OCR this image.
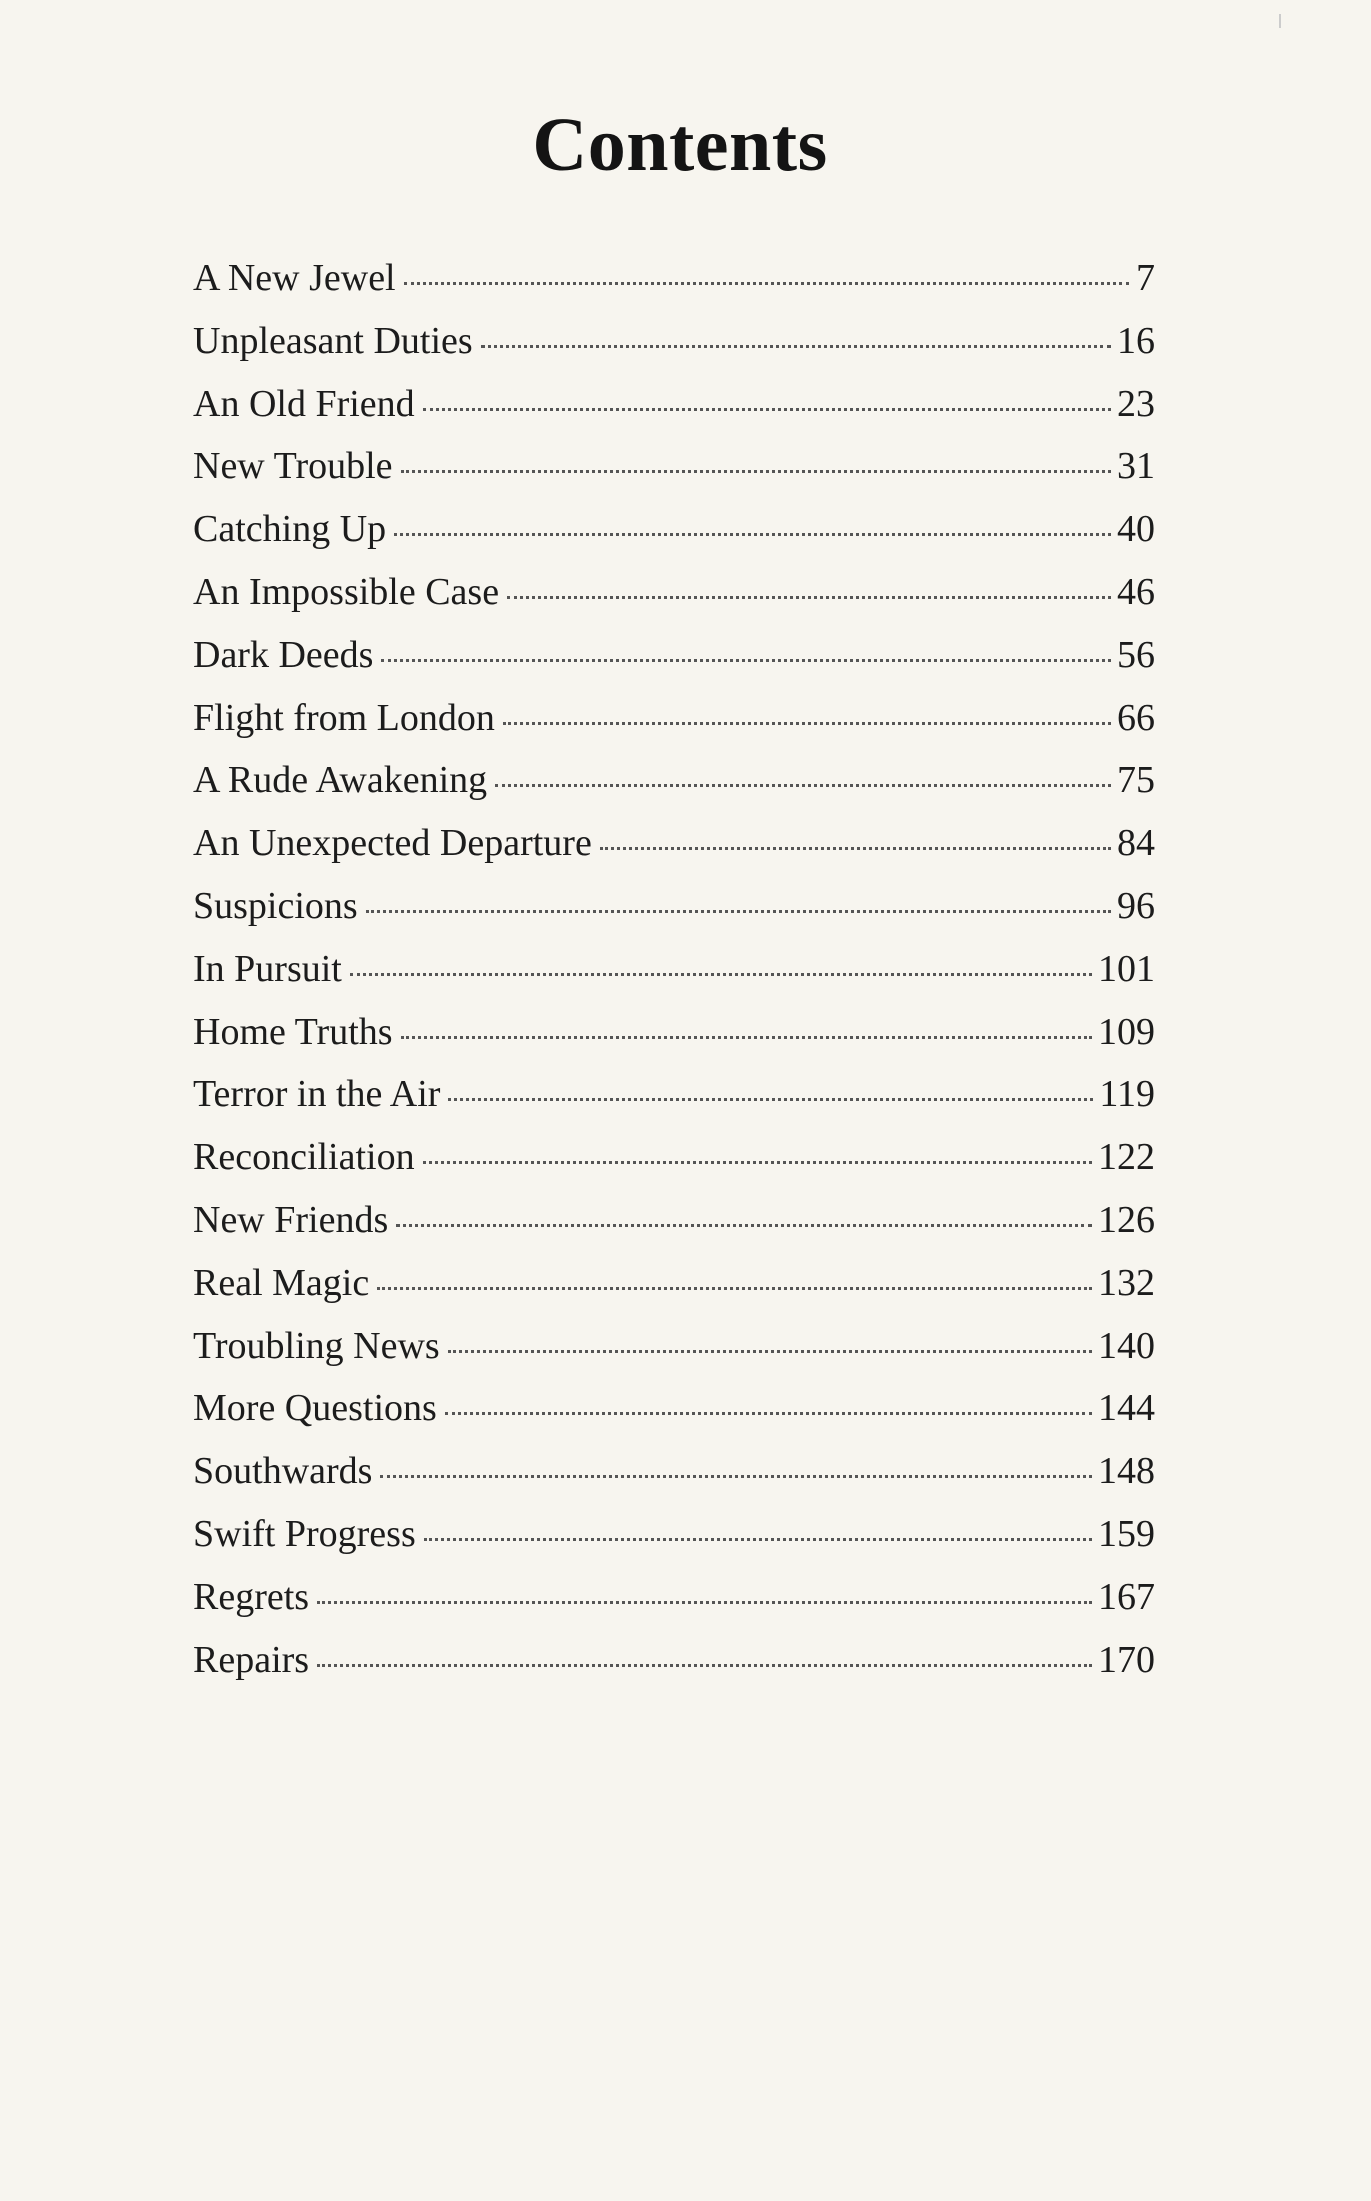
Contents
A New Jewel	7
Unpleasant Duties	16
An Old Friend	23
New Trouble	31
Catching Up	40
An Impossible Case	46
Dark Deeds	56
Flight from London	66
A Rude Awakening	75
An Unexpected Departure	84
Suspicions	96
In Pursuit	101
Home Truths	109
Terror in the Air	119
Reconciliation	122
New Friends	126
Real Magic	132
Troubling News	140
More Questions	144
Southwards	148
Swift Progress	159
Regrets	167
Repairs	170
